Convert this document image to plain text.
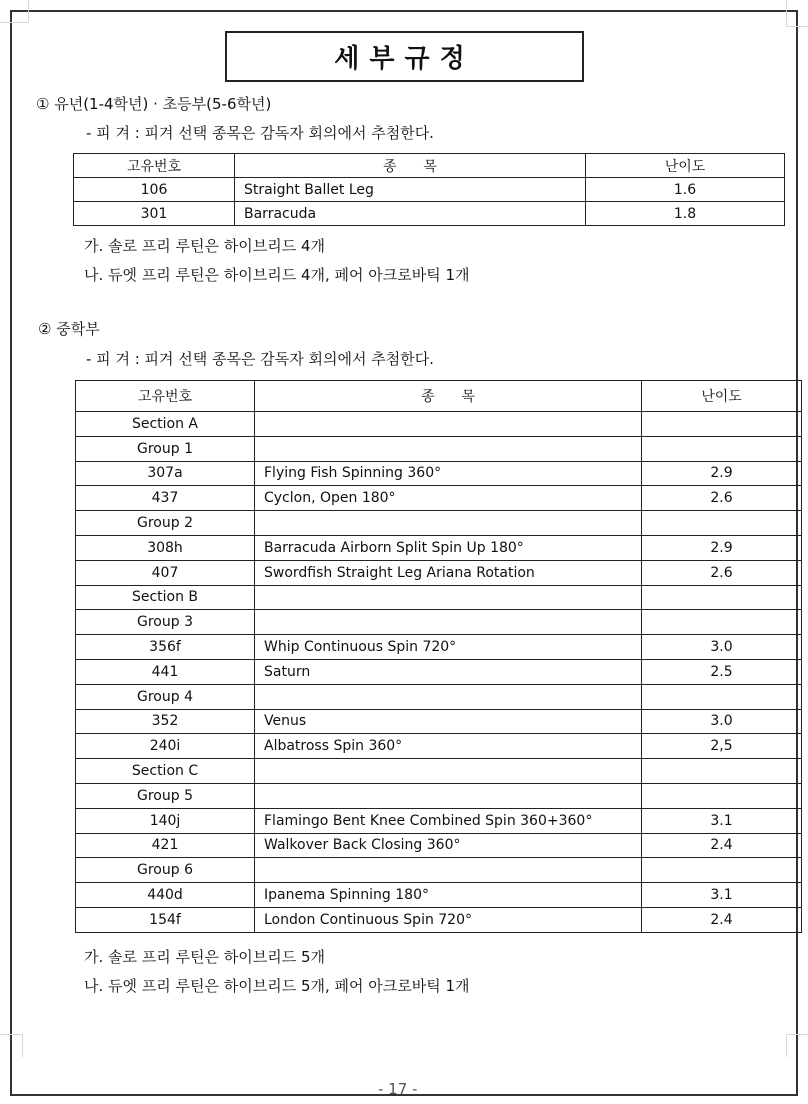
세부규정
① 유년(1-4학년) · 초등부(5-6학년)
- 피 겨 : 피겨 선택 종목은 감독자 회의에서 추첨한다.
고유번호	종      목	난이도
106	Straight Ballet Leg	1.6
301	Barracuda	1.8
가. 솔로 프리 루틴은 하이브리드 4개
나. 듀엣 프리 루틴은 하이브리드 4개, 페어 아크로바틱 1개
② 중학부
- 피 겨 : 피겨 선택 종목은 감독자 회의에서 추첨한다.
고유번호	종      목	난이도
Section A		
Group 1		
307a	Flying Fish Spinning 360°	2.9
437	Cyclon, Open 180°	2.6
Group 2		
308h	Barracuda Airborn Split Spin Up 180°	2.9
407	Swordfish Straight Leg Ariana Rotation	2.6
Section B		
Group 3		
356f	Whip Continuous Spin 720°	3.0
441	Saturn	2.5
Group 4		
352	Venus	3.0
240i	Albatross Spin 360°	2,5
Section C		
Group 5		
140j	Flamingo Bent Knee Combined Spin 360+360°	3.1
421	Walkover Back Closing 360°	2.4
Group 6		
440d	Ipanema Spinning 180°	3.1
154f	London Continuous Spin 720°	2.4
가. 솔로 프리 루틴은 하이브리드 5개
나. 듀엣 프리 루틴은 하이브리드 5개, 페어 아크로바틱 1개
- 17 -
